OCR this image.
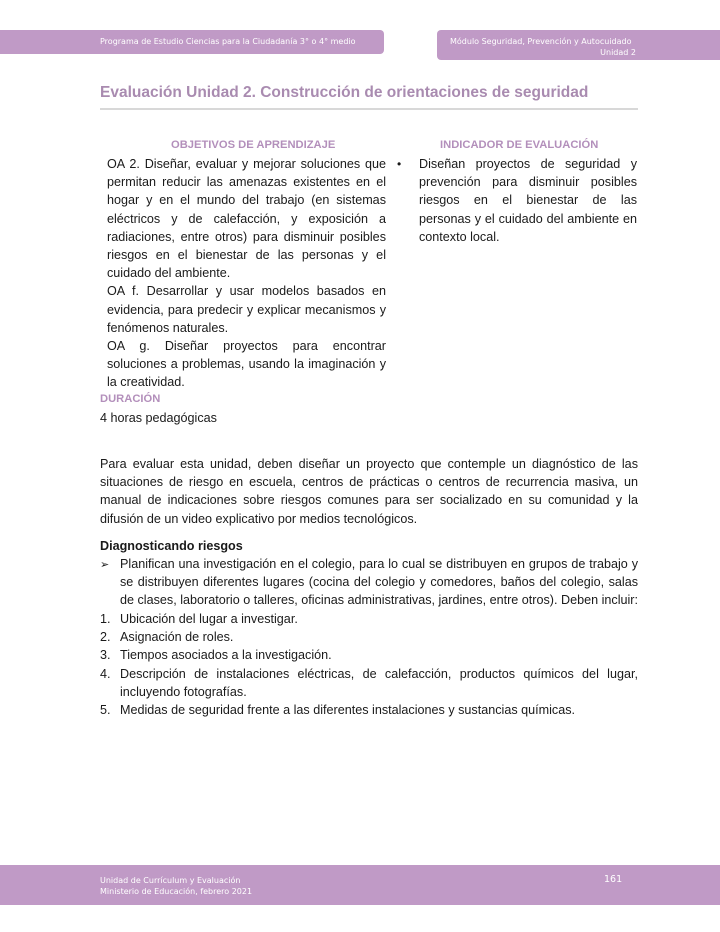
Programa de Estudio Ciencias para la Ciudadanía 3° o 4° medio	Módulo Seguridad, Prevención y Autocuidado
Unidad 2
Evaluación Unidad 2. Construcción de orientaciones de seguridad
OBJETIVOS DE APRENDIZAJE	INDICADOR DE EVALUACIÓN
OA 2. Diseñar, evaluar y mejorar soluciones que permitan reducir las amenazas existentes en el hogar y en el mundo del trabajo (en sistemas eléctricos y de calefacción, y exposición a radiaciones, entre otros) para disminuir posibles riesgos en el bienestar de las personas y el cuidado del ambiente.
OA f. Desarrollar y usar modelos basados en evidencia, para predecir y explicar mecanismos y fenómenos naturales.
OA g. Diseñar proyectos para encontrar soluciones a problemas, usando la imaginación y la creatividad.
•	Diseñan proyectos de seguridad y prevención para disminuir posibles riesgos en el bienestar de las personas y el cuidado del ambiente en contexto local.
DURACIÓN
4 horas pedagógicas
Para evaluar esta unidad, deben diseñar un proyecto que contemple un diagnóstico de las situaciones de riesgo en escuela, centros de prácticas o centros de recurrencia masiva, un manual de indicaciones sobre riesgos comunes para ser socializado en su comunidad y la difusión de un video explicativo por medios tecnológicos.
Diagnosticando riesgos
➢ Planifican una investigación en el colegio, para lo cual se distribuyen en grupos de trabajo y se distribuyen diferentes lugares (cocina del colegio y comedores, baños del colegio, salas de clases, laboratorio o talleres, oficinas administrativas, jardines, entre otros). Deben incluir:
1. Ubicación del lugar a investigar.
2. Asignación de roles.
3. Tiempos asociados a la investigación.
4. Descripción de instalaciones eléctricas, de calefacción, productos químicos del lugar, incluyendo fotografías.
5. Medidas de seguridad frente a las diferentes instalaciones y sustancias químicas.
Unidad de Currículum y Evaluación
Ministerio de Educación, febrero 2021
161
